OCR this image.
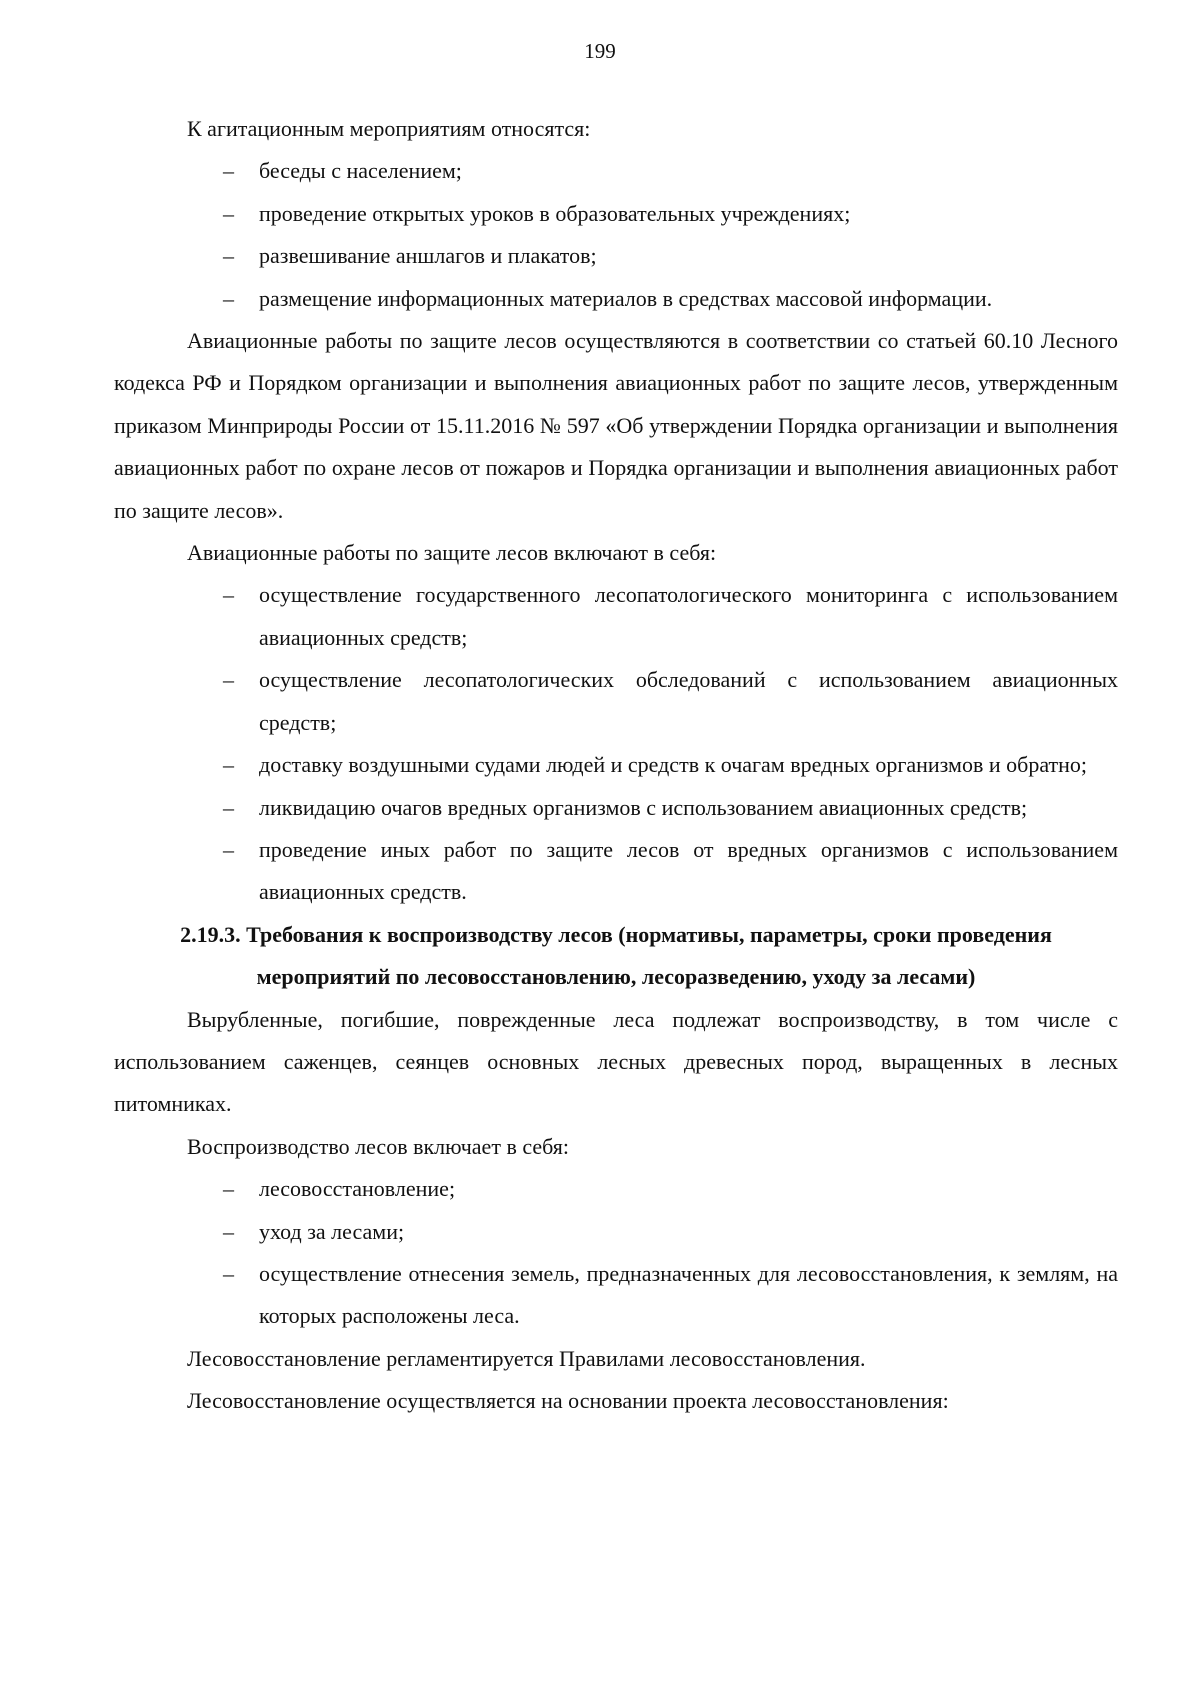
199

К агитационным мероприятиям относятся:

– беседы с населением;
– проведение открытых уроков в образовательных учреждениях;
– развешивание аншлагов и плакатов;
– размещение информационных материалов в средствах массовой информации.

Авиационные работы по защите лесов осуществляются в соответствии со статьей 60.10 Лесного кодекса РФ и Порядком организации и выполнения авиационных работ по защите лесов, утвержденным приказом Минприроды России от 15.11.2016 № 597 «Об утверждении Порядка организации и выполнения авиационных работ по охране лесов от пожаров и Порядка организации и выполнения авиационных работ по защите лесов».

Авиационные работы по защите лесов включают в себя:

– осуществление государственного лесопатологического мониторинга с использованием авиационных средств;
– осуществление лесопатологических обследований с использованием авиационных средств;
– доставку воздушными судами людей и средств к очагам вредных организмов и обратно;
– ликвидацию очагов вредных организмов с использованием авиационных средств;
– проведение иных работ по защите лесов от вредных организмов с использованием авиационных средств.
2.19.3. Требования к воспроизводству лесов (нормативы, параметры, сроки проведения
мероприятий по лесовосстановлению, лесоразведению, уходу за лесами)

Вырубленные, погибшие, поврежденные леса подлежат воспроизводству, в том числе с использованием саженцев, сеянцев основных лесных древесных пород, выращенных в лесных питомниках.

Воспроизводство лесов включает в себя:

– лесовосстановление;
– уход за лесами;
– осуществление отнесения земель, предназначенных для лесовосстановления, к землям, на которых расположены леса.

Лесовосстановление регламентируется Правилами лесовосстановления.

Лесовосстановление осуществляется на основании проекта лесовосстановления:
